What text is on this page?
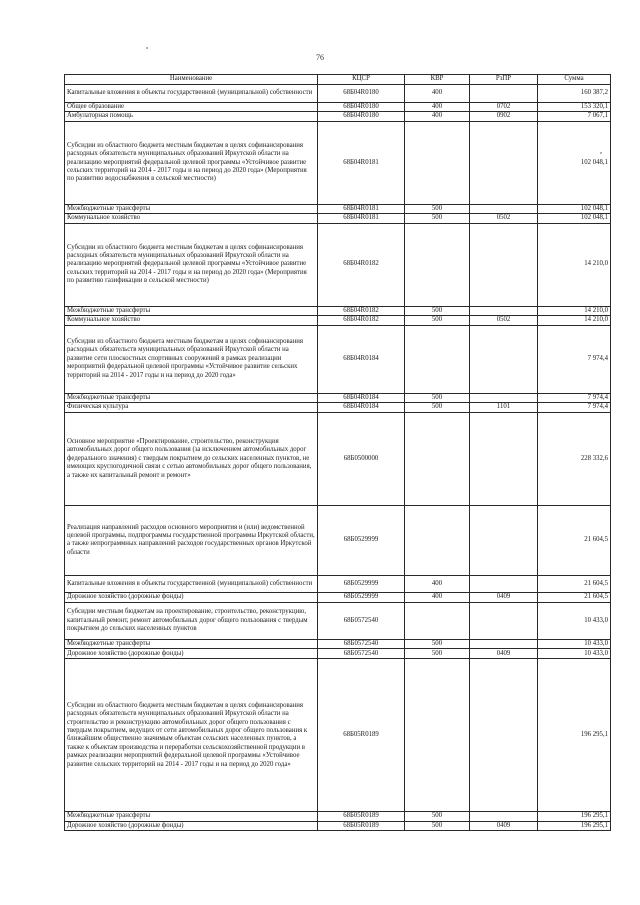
76
Наименование	КЦСР	КВР	РзПР	Сумма
Капитальные вложения в объекты государственной (муниципальной) собственности	68Б04R0180	400		160 387,2
Общее образование	68Б04R0180	400	0702	153 320,1
Амбулаторная помощь	68Б04R0180	400	0902	7 067,1
Субсидии из областного бюджета местным бюджетам в целях софинансирования расходных обязательств муниципальных образований Иркутской области на реализацию мероприятий федеральной целевой программы «Устойчивое развитие сельских территорий на 2014 - 2017 годы и на период до 2020 года» (Мероприятия по развитию водоснабжения в сельской местности)	68Б04R0181			102 048,1
Межбюджетные трансферты	68Б04R0181	500		102 048,1
Коммунальное хозяйство	68Б04R0181	500	0502	102 048,1
Субсидии из областного бюджета местным бюджетам в целях софинансирования расходных обязательств муниципальных образований Иркутской области на реализацию мероприятий федеральной целевой программы «Устойчивое развитие сельских территорий на 2014 - 2017 годы и на период до 2020 года» (Мероприятия по развитию газификации в сельской местности)	68Б04R0182			14 210,0
Межбюджетные трансферты	68Б04R0182	500		14 210,0
Коммунальное хозяйство	68Б04R0182	500	0502	14 210,0
Субсидии из областного бюджета местным бюджетам в целях софинансирования расходных обязательств муниципальных образований Иркутской области на развитие сети плоскостных спортивных сооружений в рамках реализации мероприятий федеральной целевой программы «Устойчивое развитие сельских территорий на 2014 - 2017 годы и на период до 2020 года»	68Б04R0184			7 974,4
Межбюджетные трансферты	68Б04R0184	500		7 974,4
Физическая культура	68Б04R0184	500	1101	7 974,4
Основное мероприятие «Проектирование, строительство, реконструкция автомобильных дорог общего пользования (за исключением автомобильных дорог федерального значения) с твердым покрытием до сельских населенных пунктов, не имеющих круглогодичной связи с сетью автомобильных дорог общего пользования, а также их капитальный ремонт и ремонт»	68Б0500000			228 332,6
Реализация направлений расходов основного мероприятия и (или) ведомственной целевой программы, подпрограммы государственной программы Иркутской области, а также непрограммных направлений расходов государственных органов Иркутской области	68Б0529999			21 604,5
Капитальные вложения в объекты государственной (муниципальной) собственности	68Б0529999	400		21 604,5
Дорожное хозяйство (дорожные фонды)	68Б0529999	400	0409	21 604,5
Субсидии местным бюджетам на проектирование, строительство, реконструкцию, капитальный ремонт, ремонт автомобильных дорог общего пользования с твердым покрытием до сельских населенных пунктов	68Б0572540			10 433,0
Межбюджетные трансферты	68Б0572540	500		10 433,0
Дорожное хозяйство (дорожные фонды)	68Б0572540	500	0409	10 433,0
Субсидии из областного бюджета местным бюджетам в целях софинансирования расходных обязательств муниципальных образований Иркутской области на строительство и реконструкцию автомобильных дорог общего пользования с твердым покрытием, ведущих от сети автомобильных дорог общего пользования к ближайшим общественно значимым объектам сельских населенных пунктов, а также к объектам производства и переработки сельскохозяйственной продукции в рамках реализации мероприятий федеральной целевой программы «Устойчивое развитие сельских территорий на 2014 - 2017 годы и на период до 2020 года»	68Б05R0189			196 295,1
Межбюджетные трансферты	68Б05R0189	500		196 295,1
Дорожное хозяйство (дорожные фонды)	68Б05R0189	500	0409	196 295,1
